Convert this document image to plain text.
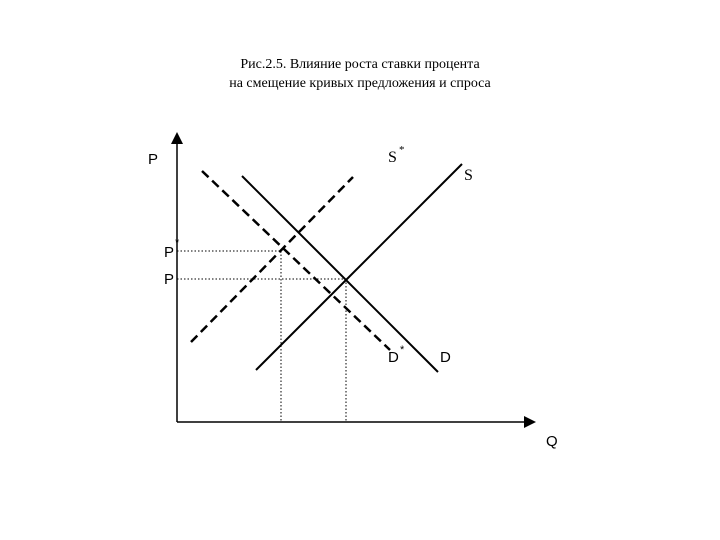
Рис.2.5. Влияние роста ставки процента
на смещение кривых предложения и спроса
P
Q
P
*
P
S *
S
D * D
